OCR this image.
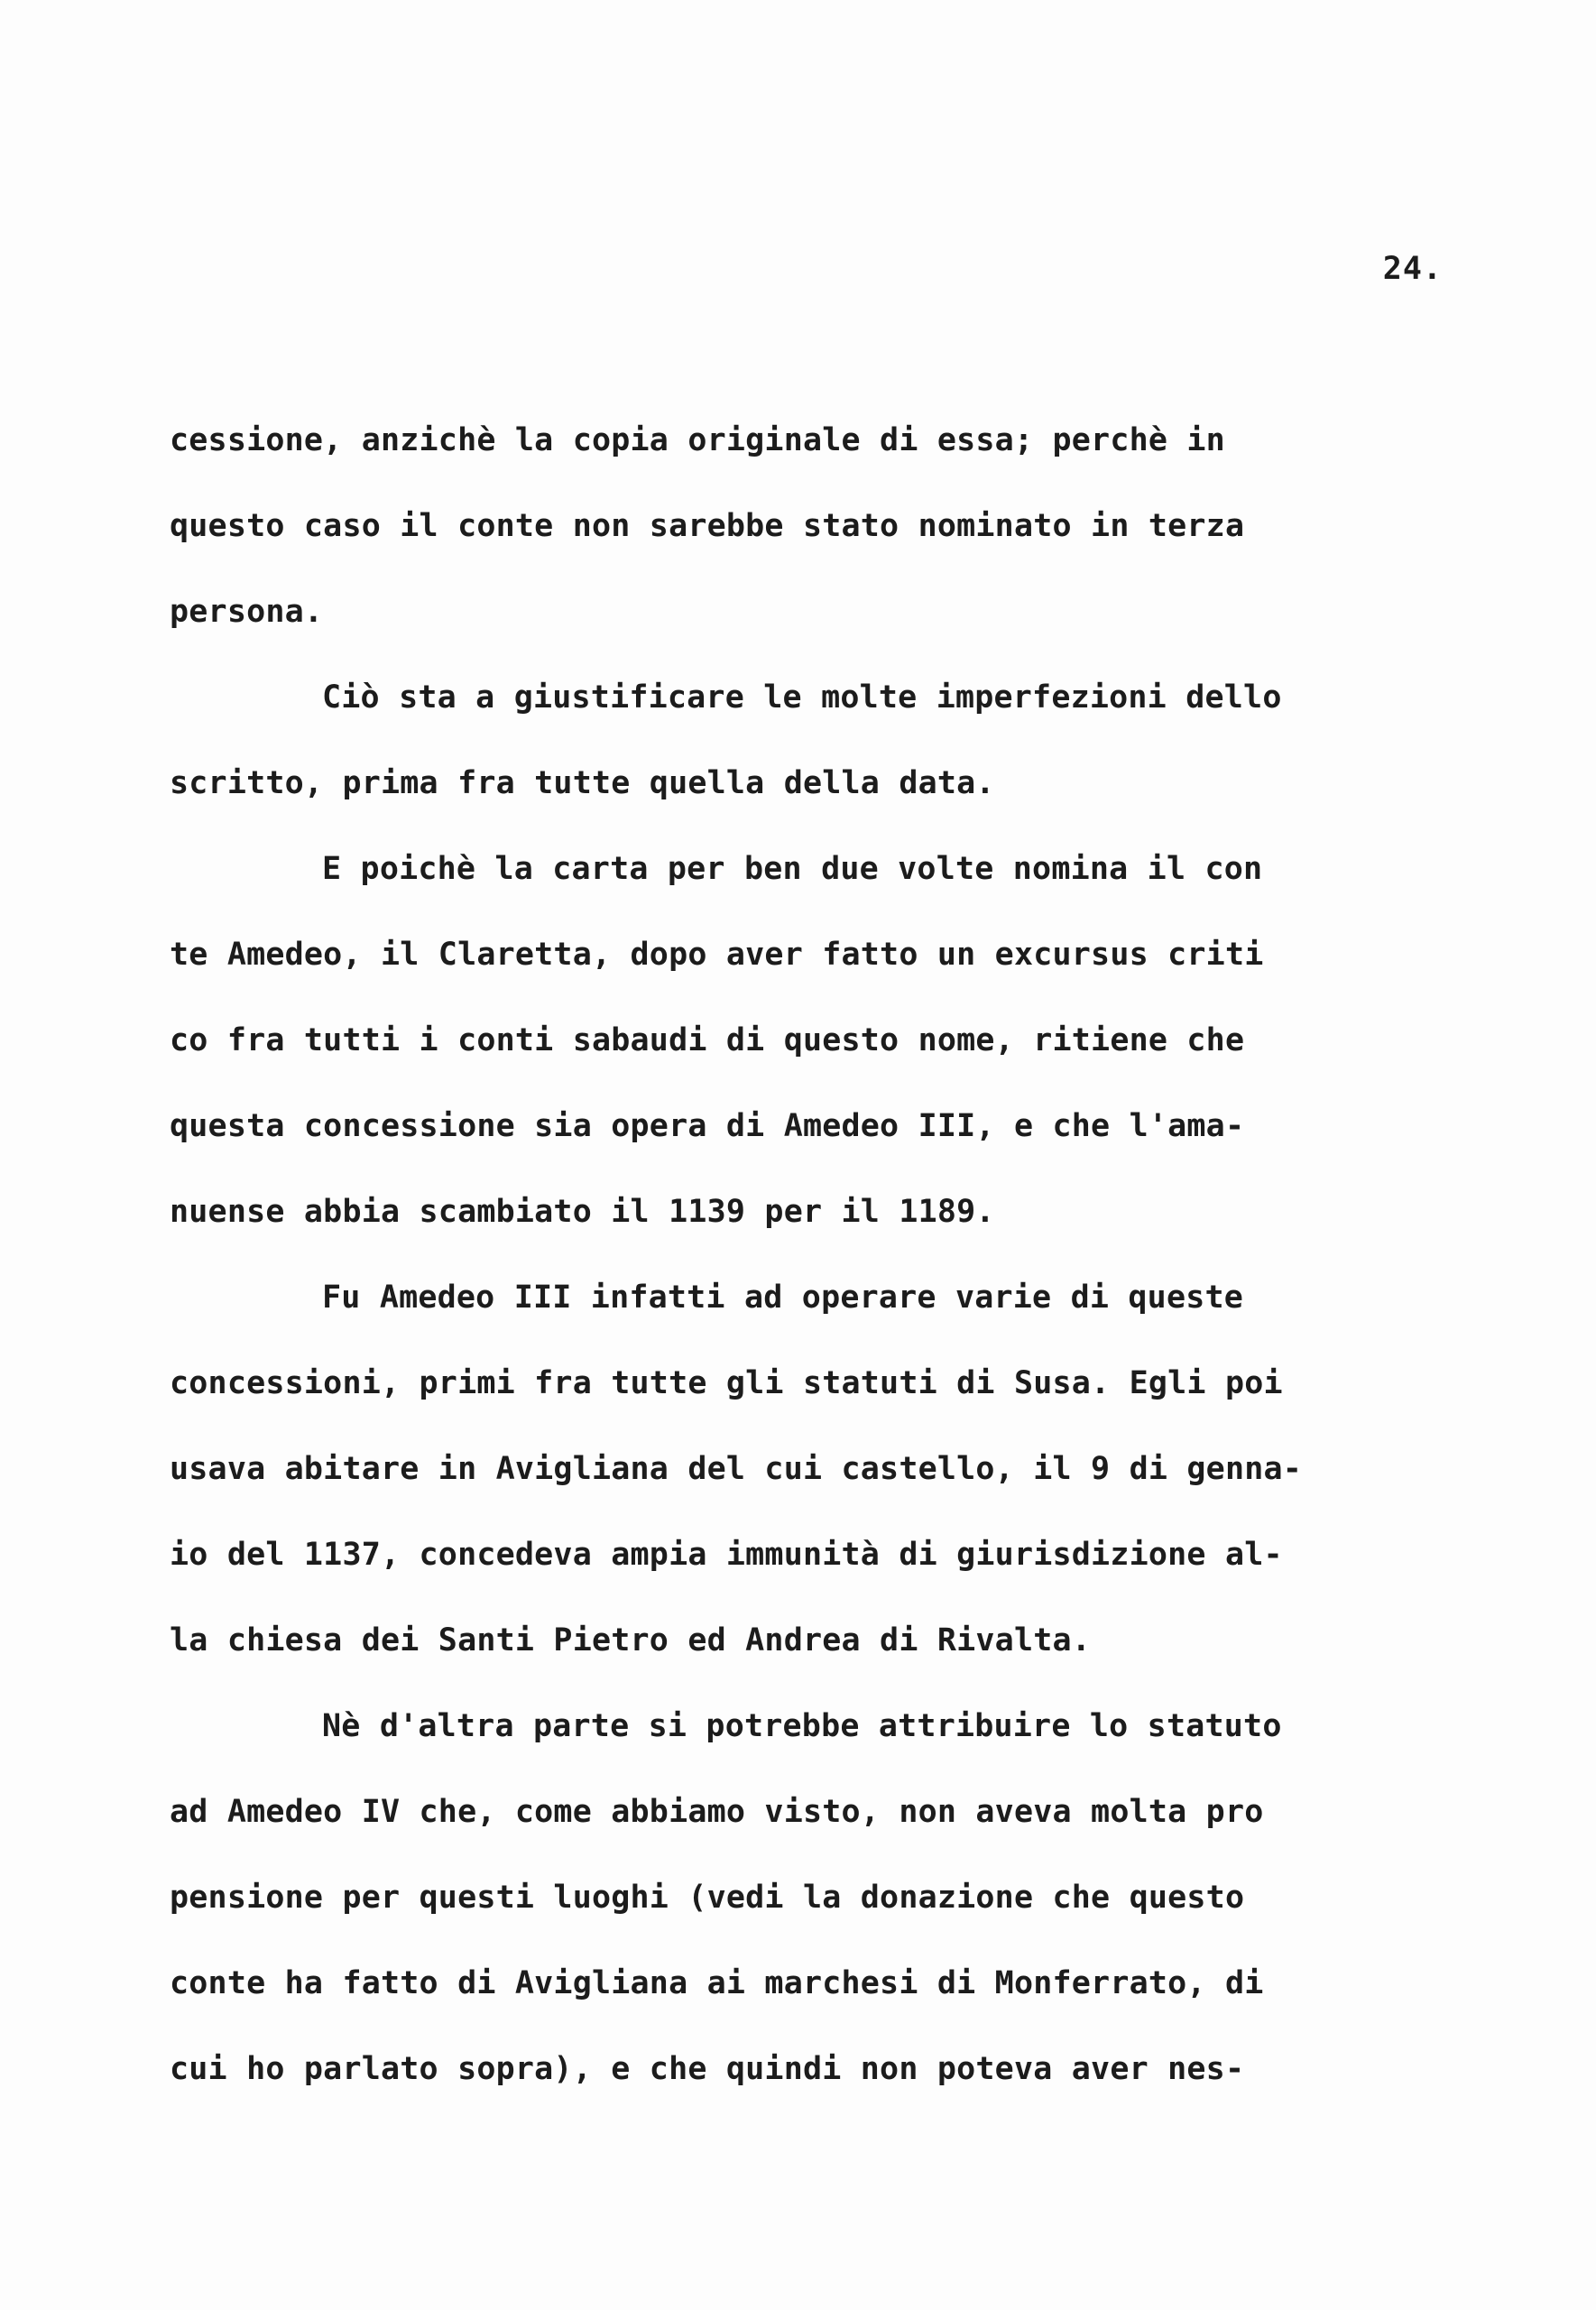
24.
cessione, anzichè la copia originale di essa; perchè in
questo caso il conte non sarebbe stato nominato in terza
persona.
Ciò sta a giustificare le molte imperfezioni dello
scritto, prima fra tutte quella della data.
E poichè la carta per ben due volte nomina il con
te Amedeo, il Claretta, dopo aver fatto un excursus criti
co fra tutti i conti sabaudi di questo nome, ritiene che
questa concessione sia opera di Amedeo III, e che l'ama-
nuense abbia scambiato il 1139 per il 1189.
Fu Amedeo III infatti ad operare varie di queste
concessioni, primi fra tutte gli statuti di Susa. Egli poi
usava abitare in Avigliana del cui castello, il 9 di genna-
io del 1137, concedeva ampia immunità di giurisdizione al-
la chiesa dei Santi Pietro ed Andrea di Rivalta.
Nè d'altra parte si potrebbe attribuire lo statuto
ad Amedeo IV che, come abbiamo visto, non aveva molta pro
pensione per questi luoghi (vedi la donazione che questo
conte ha fatto di Avigliana ai marchesi di Monferrato, di
cui ho parlato sopra), e che quindi non poteva aver nes-
